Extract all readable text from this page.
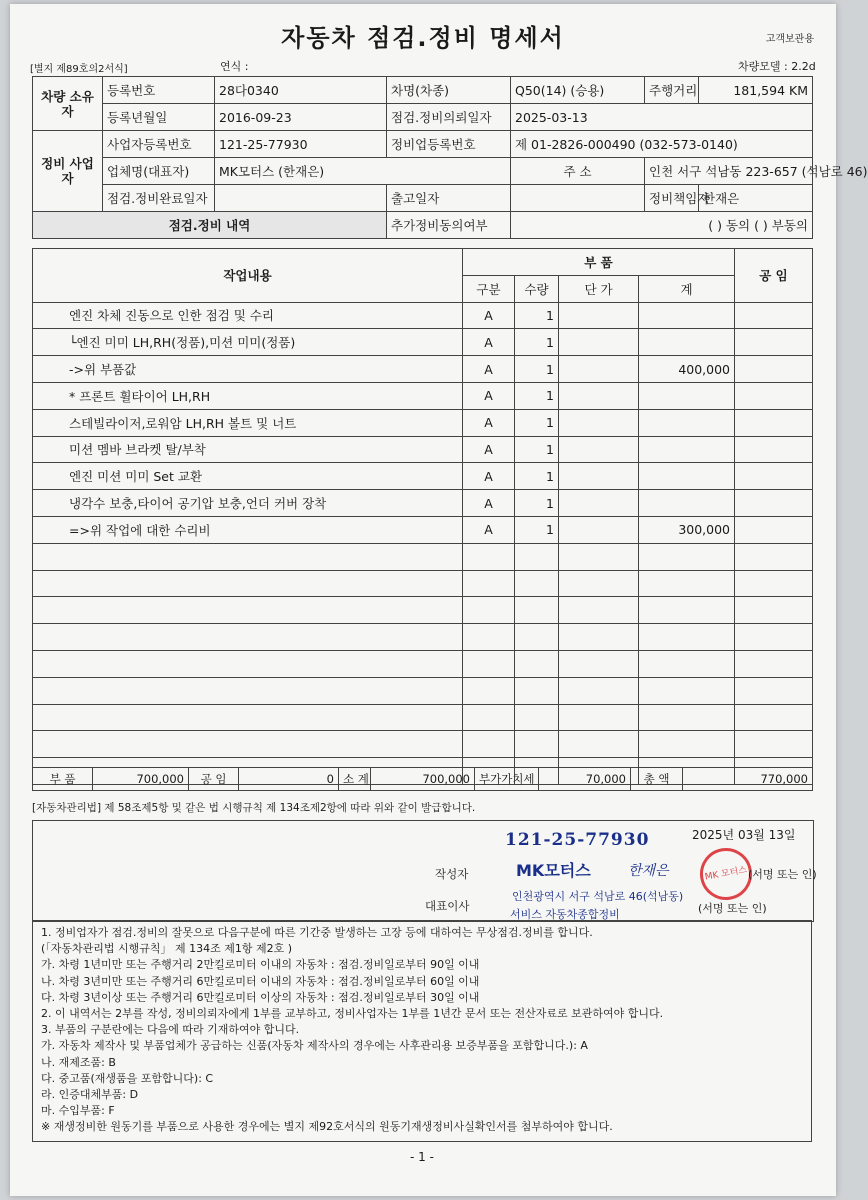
자동차 점검.정비 명세서	고객보관용
[별지 제89호의2서식]	연식 :	차량모델 : 2.2d
차량 소유자	등록번호	28다0340	차명(차종)	Q50(14) (승용)	주행거리	181,594 KM
	등록년월일	2016-09-23	점검.정비의뢰일자	2025-03-13		
정비 사업자	사업자등록번호	121-25-77930	정비업등록번호	제 01-2826-000490 (032-573-0140)		
	업체명(대표자)	MK모터스 (한재은)		주 소	인천 서구 석남동 223-657 (석남로 46)	
	점검.정비완료일자		출고일자		정비책임자	한재은
점검.정비 내역			추가정비동의여부	( ) 동의 ( ) 부동의		
작업내용	부 품				공 임
	구분	수량	단 가	계	
엔진 차체 진동으로 인한 점검 및 수리	A	1			
└엔진 미미 LH,RH(정품),미션 미미(정품)	A	1			
->위 부품값	A	1		400,000	
* 프론트 휠타이어 LH,RH	A	1			
스테빌라이저,로워암 LH,RH 볼트 및 너트	A	1			
미션 멤바 브라켓 탈/부착	A	1			
엔진 미션 미미 Set 교환	A	1			
냉각수 보충,타이어 공기압 보충,언더 커버 장착	A	1			
=>위 작업에 대한 수리비	A	1		300,000	

부 품	700,000	공 임	0	소 계	700,000	부가가치세	70,000	총 액	770,000
[자동차관리법] 제 58조제5항 및 같은 법 시행규칙 제 134조제2항에 따라 위와 같이 발급합니다.
121-25-77930	2025년 03월 13일
작성자	MK모터스	한재은	MK 모터스 (서명 또는 인)
대표이사
인천광역시 서구 석남로 46(석남동)
서비스 자동차종합정비	(서명 또는 인)
1. 정비업자가 점검.정비의 잘못으로 다음구분에 따른 기간중 발생하는 고장 등에 대하여는 무상점검.정비를 합니다.
(「자동차관리법 시행규칙」 제 134조 제1항 제2호 )
가. 차령 1년미만 또는 주행거리 2만킬로미터 이내의 자동차 : 점검.정비일로부터 90일 이내
나. 차령 3년미만 또는 주행거리 6만킬로미터 이내의 자동차 : 점검.정비일로부터 60일 이내
다. 차령 3년이상 또는 주행거리 6만킬로미터 이상의 자동차 : 점검.정비일로부터 30일 이내
2. 이 내역서는 2부를 작성, 정비의뢰자에게 1부를 교부하고, 정비사업자는 1부를 1년간 문서 또는 전산자료로 보관하여야 합니다.
3. 부품의 구분란에는 다음에 따라 기재하여야 합니다.
가. 자동차 제작사 및 부품업체가 공급하는 신품(자동차 제작사의 경우에는 사후관리용 보증부품을 포함합니다.): A
나. 재제조품: B
다. 중고품(재생품을 포함합니다): C
라. 인증대체부품: D
마. 수입부품: F
※ 재생정비한 원동기를 부품으로 사용한 경우에는 별지 제92호서식의 원동기재생정비사실확인서를 첨부하여야 합니다.
- 1 -
